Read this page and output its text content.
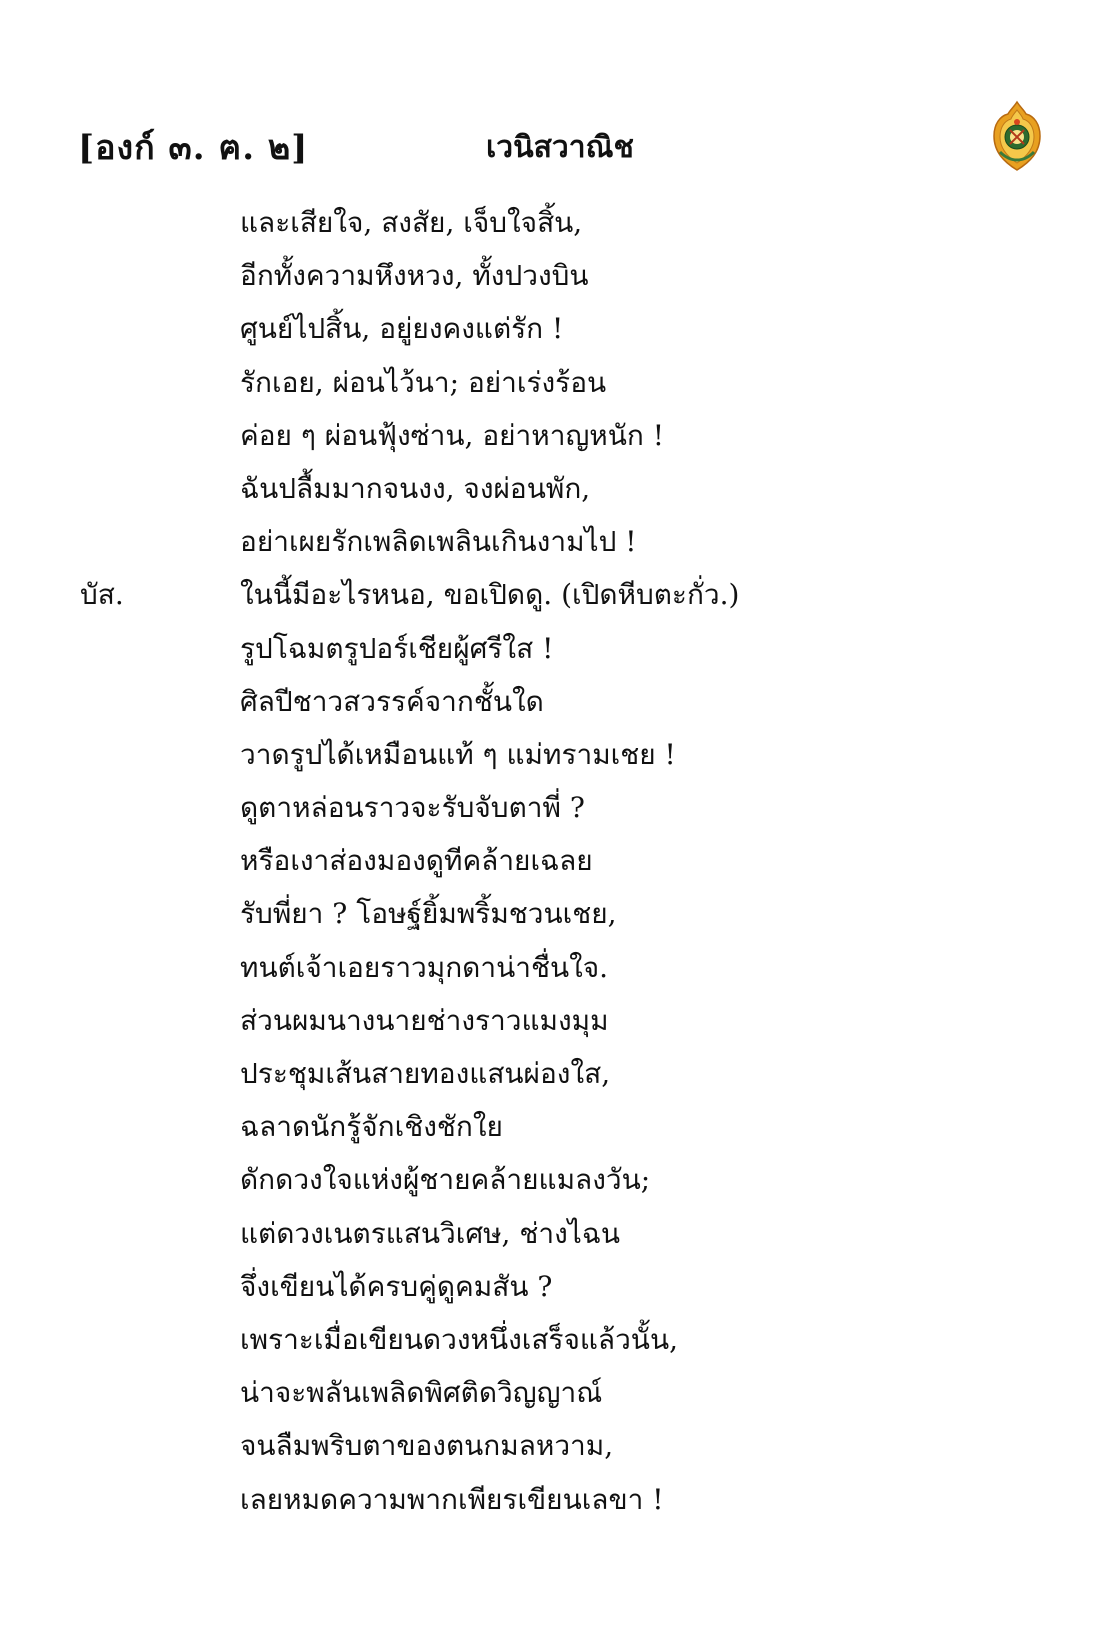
[องก์ ๓. ฅ. ๒]	เวนิสวาณิช
และเสียใจ, สงสัย, เจ็บใจสิ้น,
อีกทั้งความหึงหวง, ทั้งปวงบิน
ศูนย์ไปสิ้น, อยู่ยงคงแต่รัก !
รักเอย, ผ่อนไว้นา; อย่าเร่งร้อน
ค่อย ๆ ผ่อนฟุ้งซ่าน, อย่าหาญหนัก !
ฉันปลื้มมากจนงง, จงผ่อนพัก,
อย่าเผยรักเพลิดเพลินเกินงามไป !
บัส.	ในนี้มีอะไรหนอ, ขอเปิดดู. (เปิดหีบตะกั่ว.)
รูปโฉมตรูปอร์เชียผู้ศรีใส !
ศิลปีชาวสวรรค์จากชั้นใด
วาดรูปได้เหมือนแท้ ๆ แม่ทรามเชย !
ดูตาหล่อนราวจะรับจับตาพี่ ?
หรือเงาส่องมองดูทีคล้ายเฉลย
รับพี่ยา ? โอษฐ์ยิ้มพริ้มชวนเชย,
ทนต์เจ้าเอยราวมุกดาน่าชื่นใจ.
ส่วนผมนางนายช่างราวแมงมุม
ประชุมเส้นสายทองแสนผ่องใส,
ฉลาดนักรู้จักเชิงชักใย
ดักดวงใจแห่งผู้ชายคล้ายแมลงวัน;
แต่ดวงเนตรแสนวิเศษ, ช่างไฉน
จึ่งเขียนได้ครบคู่ดูคมสัน ?
เพราะเมื่อเขียนดวงหนึ่งเสร็จแล้วนั้น,
น่าจะพลันเพลิดพิศติดวิญญาณ์
จนลืมพริบตาของตนกมลหวาม,
เลยหมดความพากเพียรเขียนเลขา !
